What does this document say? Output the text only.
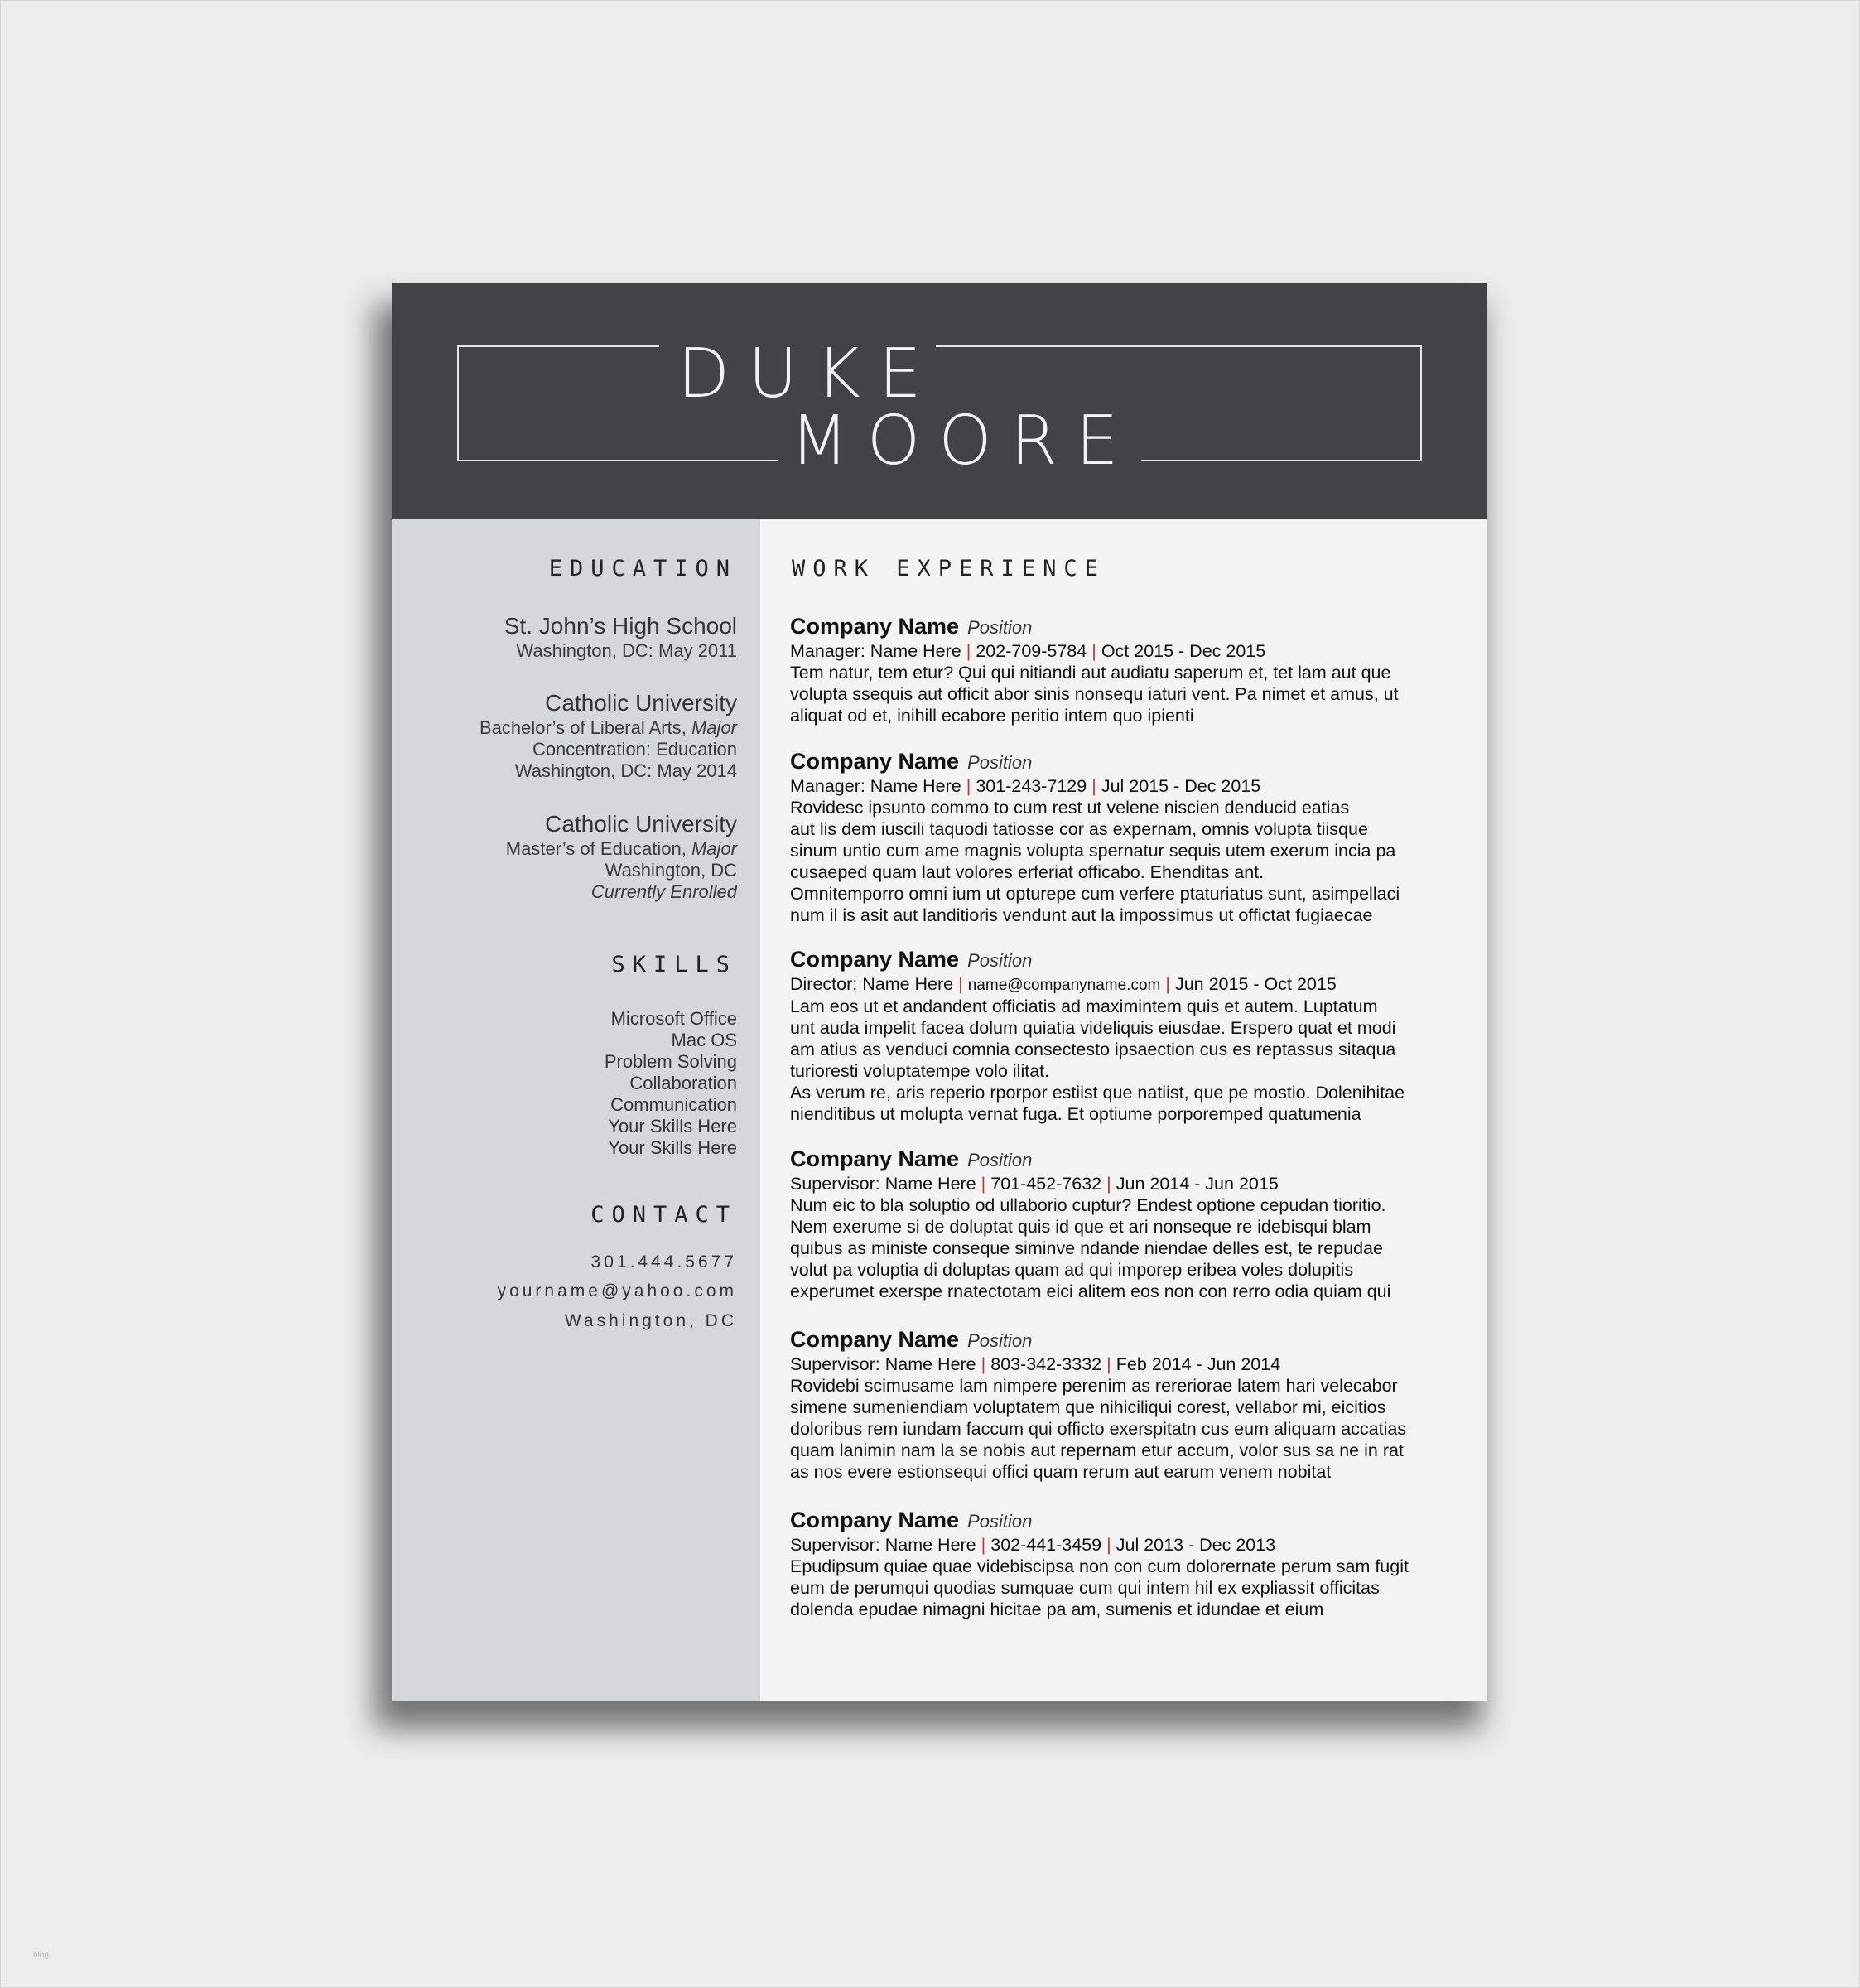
DUKE
MOORE
EDUCATION
St. John’s High School
Washington, DC: May 2011
Catholic University
Bachelor’s of Liberal Arts, Major
Concentration: Education
Washington, DC: May 2014
Catholic University
Master’s of Education, Major
Washington, DC
Currently Enrolled
SKILLS
Microsoft Office
Mac OS
Problem Solving
Collaboration
Communication
Your Skills Here
Your Skills Here
CONTACT
301.444.5677
yourname@yahoo.com
Washington, DC
WORK EXPERIENCE
Company Name Position
Manager: Name Here | 202-709-5784 | Oct 2015 - Dec 2015
Tem natur, tem etur? Qui qui nitiandi aut audiatu saperum et, tet lam aut que
volupta ssequis aut officit abor sinis nonsequ iaturi vent. Pa nimet et amus, ut
aliquat od et, inihill ecabore peritio intem quo ipienti
Company Name Position
Manager: Name Here | 301-243-7129 | Jul 2015 - Dec 2015
Rovidesc ipsunto commo to cum rest ut velene niscien denducid eatias
aut lis dem iuscili taquodi tatiosse cor as expernam, omnis volupta tiisque
sinum untio cum ame magnis volupta spernatur sequis utem exerum incia pa
cusaeped quam laut volores erferiat officabo. Ehenditas ant.
Omnitemporro omni ium ut opturepe cum verfere ptaturiatus sunt, asimpellaci
num il is asit aut landitioris vendunt aut la impossimus ut offictat fugiaecae
Company Name Position
Director: Name Here | name@companyname.com | Jun 2015 - Oct 2015
Lam eos ut et andandent officiatis ad maximintem quis et autem. Luptatum
unt auda impelit facea dolum quiatia videliquis eiusdae. Erspero quat et modi
am atius as venduci comnia consectesto ipsaection cus es reptassus sitaqua
turioresti voluptatempe volo ilitat.
As verum re, aris reperio rporpor estiist que natiist, que pe mostio. Dolenihitae
nienditibus ut molupta vernat fuga. Et optiume porporemped quatumenia
Company Name Position
Supervisor: Name Here | 701-452-7632 | Jun 2014 - Jun 2015
Num eic to bla soluptio od ullaborio cuptur? Endest optione cepudan tioritio.
Nem exerume si de doluptat quis id que et ari nonseque re idebisqui blam
quibus as ministe conseque siminve ndande niendae delles est, te repudae
volut pa voluptia di doluptas quam ad qui imporep eribea voles dolupitis
experumet exerspe rnatectotam eici alitem eos non con rerro odia quiam qui
Company Name Position
Supervisor: Name Here | 803-342-3332 | Feb 2014 - Jun 2014
Rovidebi scimusame lam nimpere perenim as rereriorae latem hari velecabor
simene sumeniendiam voluptatem que nihiciliqui corest, vellabor mi, eicitios
doloribus rem iundam faccum qui officto exerspitatn cus eum aliquam accatias
quam lanimin nam la se nobis aut repernam etur accum, volor sus sa ne in rat
as nos evere estionsequi offici quam rerum aut earum venem nobitat
Company Name Position
Supervisor: Name Here | 302-441-3459 | Jul 2013 - Dec 2013
Epudipsum quiae quae videbiscipsa non con cum dolorernate perum sam fugit
eum de perumqui quodias sumquae cum qui intem hil ex expliassit officitas
dolenda epudae nimagni hicitae pa am, sumenis et idundae et eium
blog
